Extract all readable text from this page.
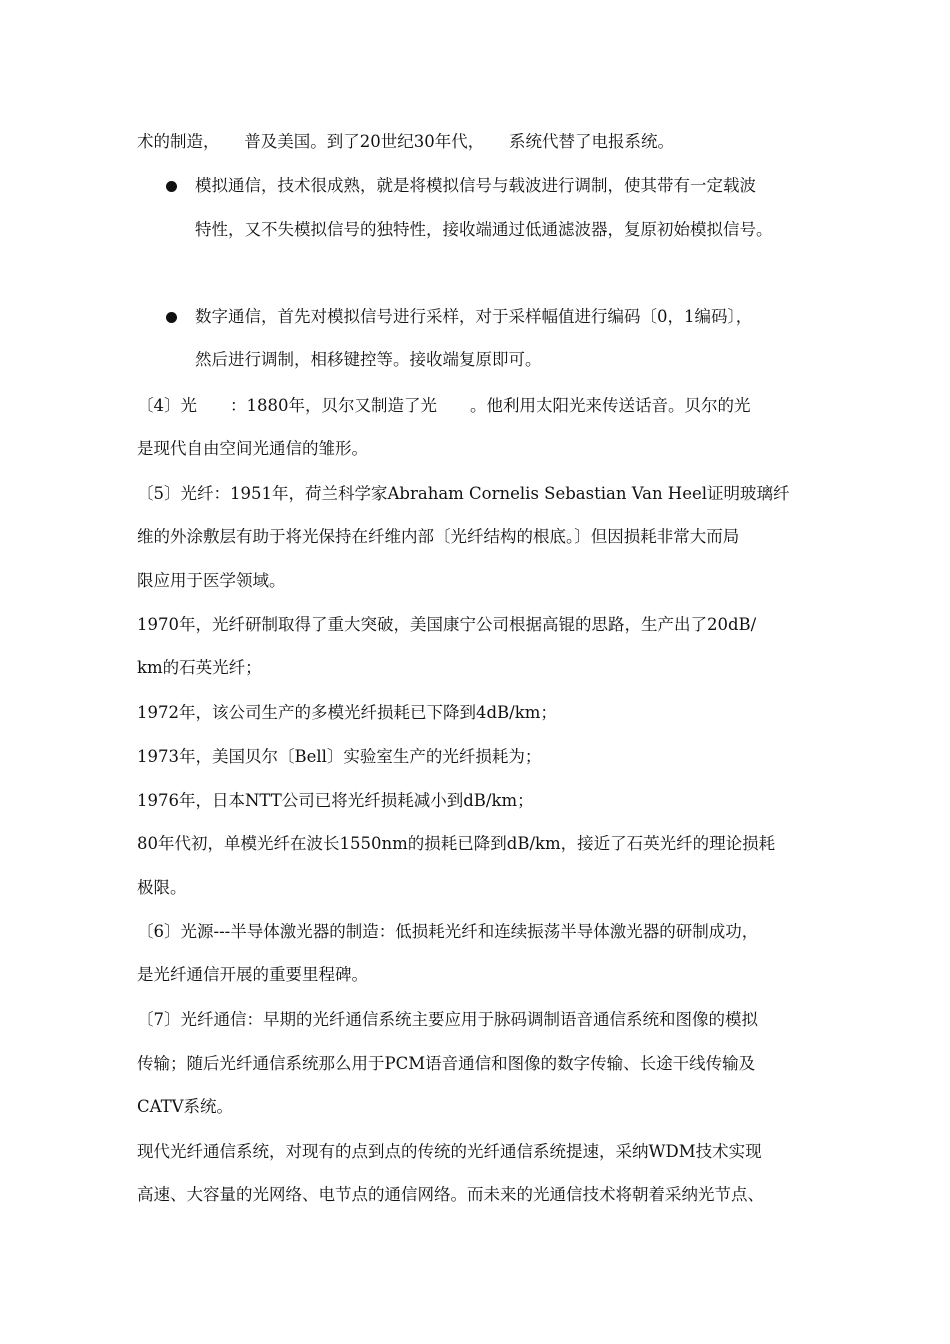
术的制造，　　普及美国。到了20世纪30年代，　　系统代替了电报系统。
模拟通信，技术很成熟，就是将模拟信号与载波进行调制，使其带有一定载波
特性，又不失模拟信号的独特性，接收端通过低通滤波器，复原初始模拟信号。
数字通信，首先对模拟信号进行采样，对于采样幅值进行编码〔0，1编码〕，
然后进行调制，相移键控等。接收端复原即可。
〔4〕光　　：1880年，贝尔又制造了光　　。他利用太阳光来传送话音。贝尔的光
是现代自由空间光通信的雏形。
〔5〕光纤：1951年，荷兰科学家Abraham Cornelis Sebastian Van Heel证明玻璃纤
维的外涂敷层有助于将光保持在纤维内部〔光纤结构的根底。〕但因损耗非常大而局
限应用于医学领域。
1970年，光纤研制取得了重大突破，美国康宁公司根据高锟的思路，生产出了20dB/
km的石英光纤；
1972年，该公司生产的多模光纤损耗已下降到4dB/km；
1973年，美国贝尔〔Bell〕实验室生产的光纤损耗为；
1976年，日本NTT公司已将光纤损耗减小到dB/km；
80年代初，单模光纤在波长1550nm的损耗已降到dB/km，接近了石英光纤的理论损耗
极限。
〔6〕光源---半导体激光器的制造：低损耗光纤和连续振荡半导体激光器的研制成功，
是光纤通信开展的重要里程碑。
〔7〕光纤通信：早期的光纤通信系统主要应用于脉码调制语音通信系统和图像的模拟
传输；随后光纤通信系统那么用于PCM语音通信和图像的数字传输、长途干线传输及
CATV系统。
现代光纤通信系统，对现有的点到点的传统的光纤通信系统提速，采纳WDM技术实现
高速、大容量的光网络、电节点的通信网络。而未来的光通信技术将朝着采纳光节点、
